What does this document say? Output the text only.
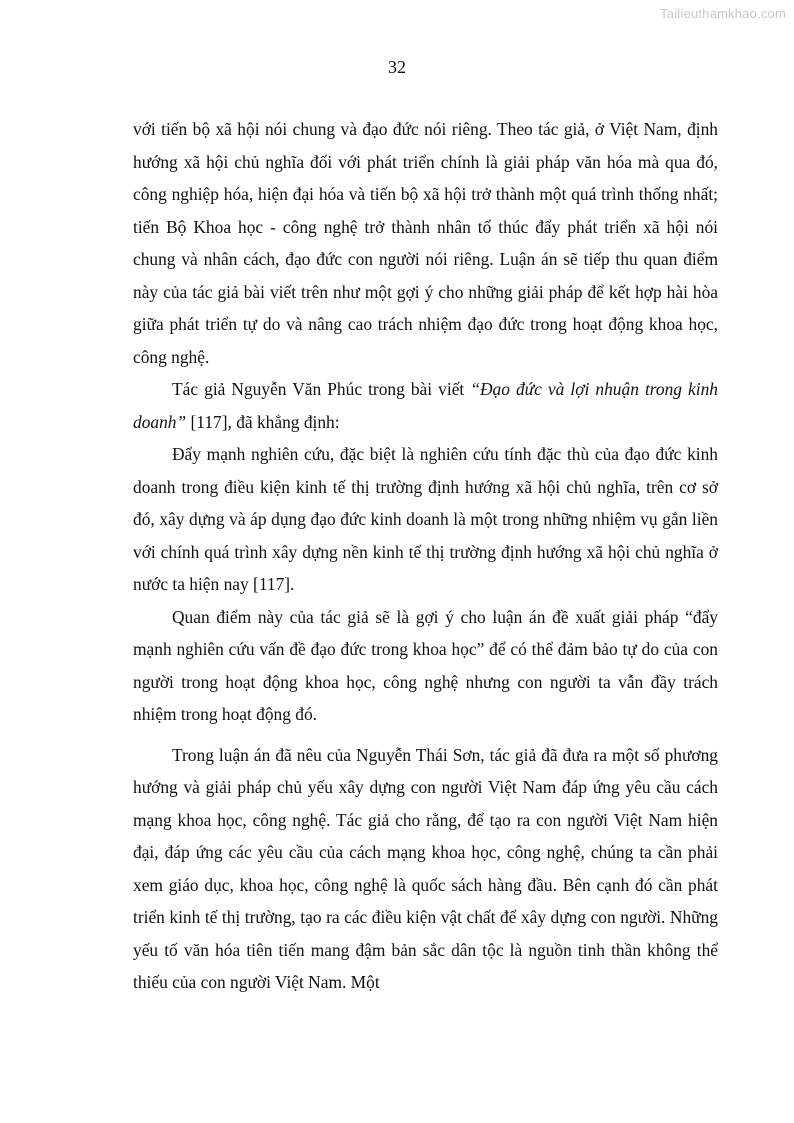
Tailieuthamkhao.com
32

với tiến bộ xã hội nói chung và đạo đức nói riêng. Theo tác giả, ở Việt Nam, định hướng xã hội chủ nghĩa đối với phát triển chính là giải pháp văn hóa mà qua đó, công nghiệp hóa, hiện đại hóa và tiến bộ xã hội trở thành một quá trình thống nhất; tiến Bộ Khoa học - công nghệ trở thành nhân tố thúc đẩy phát triển xã hội nói chung và nhân cách, đạo đức con người nói riêng. Luận án sẽ tiếp thu quan điểm này của tác giả bài viết trên như một gợi ý cho những giải pháp để kết hợp hài hòa giữa phát triển tự do và nâng cao trách nhiệm đạo đức trong hoạt động khoa học, công nghệ.

Tác giả Nguyễn Văn Phúc trong bài viết “Đạo đức và lợi nhuận trong kinh doanh” [117], đã khẳng định:

Đẩy mạnh nghiên cứu, đặc biệt là nghiên cứu tính đặc thù của đạo đức kinh doanh trong điều kiện kinh tế thị trường định hướng xã hội chủ nghĩa, trên cơ sở đó, xây dựng và áp dụng đạo đức kinh doanh là một trong những nhiệm vụ gắn liền với chính quá trình xây dựng nền kinh tế thị trường định hướng xã hội chủ nghĩa ở nước ta hiện nay [117].

Quan điểm này của tác giả sẽ là gợi ý cho luận án đề xuất giải pháp “đẩy mạnh nghiên cứu vấn đề đạo đức trong khoa học” để có thể đảm bảo tự do của con người trong hoạt động khoa học, công nghệ nhưng con người ta vẫn đầy trách nhiệm trong hoạt động đó.

Trong luận án đã nêu của Nguyễn Thái Sơn, tác giả đã đưa ra một số phương hướng và giải pháp chủ yếu xây dựng con người Việt Nam đáp ứng yêu cầu cách mạng khoa học, công nghệ. Tác giả cho rằng, để tạo ra con người Việt Nam hiện đại, đáp ứng các yêu cầu của cách mạng khoa học, công nghệ, chúng ta cần phải xem giáo dục, khoa học, công nghệ là quốc sách hàng đầu. Bên cạnh đó cần phát triển kinh tế thị trường, tạo ra các điều kiện vật chất để xây dựng con người. Những yếu tố văn hóa tiên tiến mang đậm bản sắc dân tộc là nguồn tinh thần không thể thiếu của con người Việt Nam. Một
